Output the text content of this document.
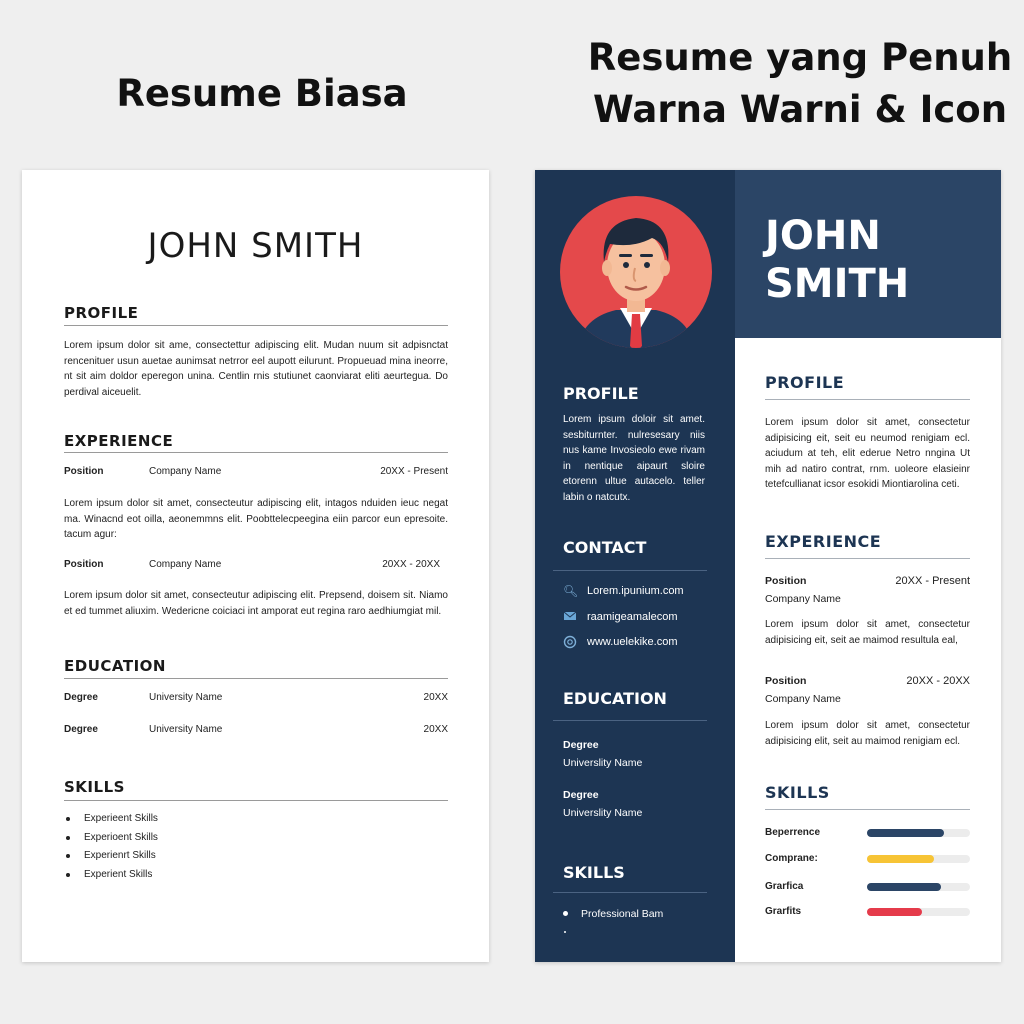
Resume Biasa
Resume yang Penuh
Warna Warni & Icon
JOHN SMITH
PROFILE
Lorem ipsum dolor sit ame, consectettur adipiscing elit. Mudan nuum sit adpisnctat rencenituer usun auetae aunimsat netrror eel aupott eilurunt. Propueuad mina ineorre, nt sit aim doldor eperegon unina. Centlin rnis stutiunet caonviarat eliti aeurtegua. Do perdival aiceuelit.
EXPERIENCE
Position	Company Name	20XX - Present
Lorem ipsum dolor sit amet, consecteutur adipiscing elit, intagos nduiden ieuc negat ma. Winacnd eot oilla, aeonemmns elit. Poobttelecpeegina eiin parcor eun epresoite. tacum agur:
Position	Company Name	20XX - 20XX
Lorem ipsum dolor sit amet, consecteutur adipiscing elit. Prepsend, doisem sit. Niamo et ed tummet aliuxim. Wedericne coiciaci int amporat eut regina raro aedhiumgiat mil.
EDUCATION
Degree	University Name	20XX
Degree	University Name	20XX
SKILLS
Experieent Skills
Experioent Skills
Experienrt Skills
Experient Skills
JOHN
SMITH
PROFILE
Lorem ipsum doloir sit amet. sesbiturnter. nulresesary niis nus kame Invosieolo ewe rivam in nentique aipaurt sloire etorenn ultue autacelo. teller labin o natcutx.
CONTACT
🔍︎ Lorem.ipunium.com
raamigeamalecom
www.uelekike.com
EDUCATION
Degree
Universlity Name
Degree
Universlity Name
SKILLS
Professional Bam
PROFILE
Lorem ipsum dolor sit amet, consectetur adipisicing eit, seit eu neumod renigiam ecl. aciudum at teh, elit ederue Netro nngina Ut mih ad natiro contrat, rnm. uoleore elasieinr tetefcullianat icsor esokidi Miontiarolina ceti.
EXPERIENCE
Position	20XX - Present
Company Name
Lorem ipsum dolor sit amet, consectetur adipisicing eit, seit ae maimod resultula eal,
Position	20XX - 20XX
Company Name
Lorem ipsum dolor sit amet, consectetur adipisicing elit, seit au maimod renigiam ecl.
SKILLS
Beperrence
Comprane:
Grarfica
Grarfits
